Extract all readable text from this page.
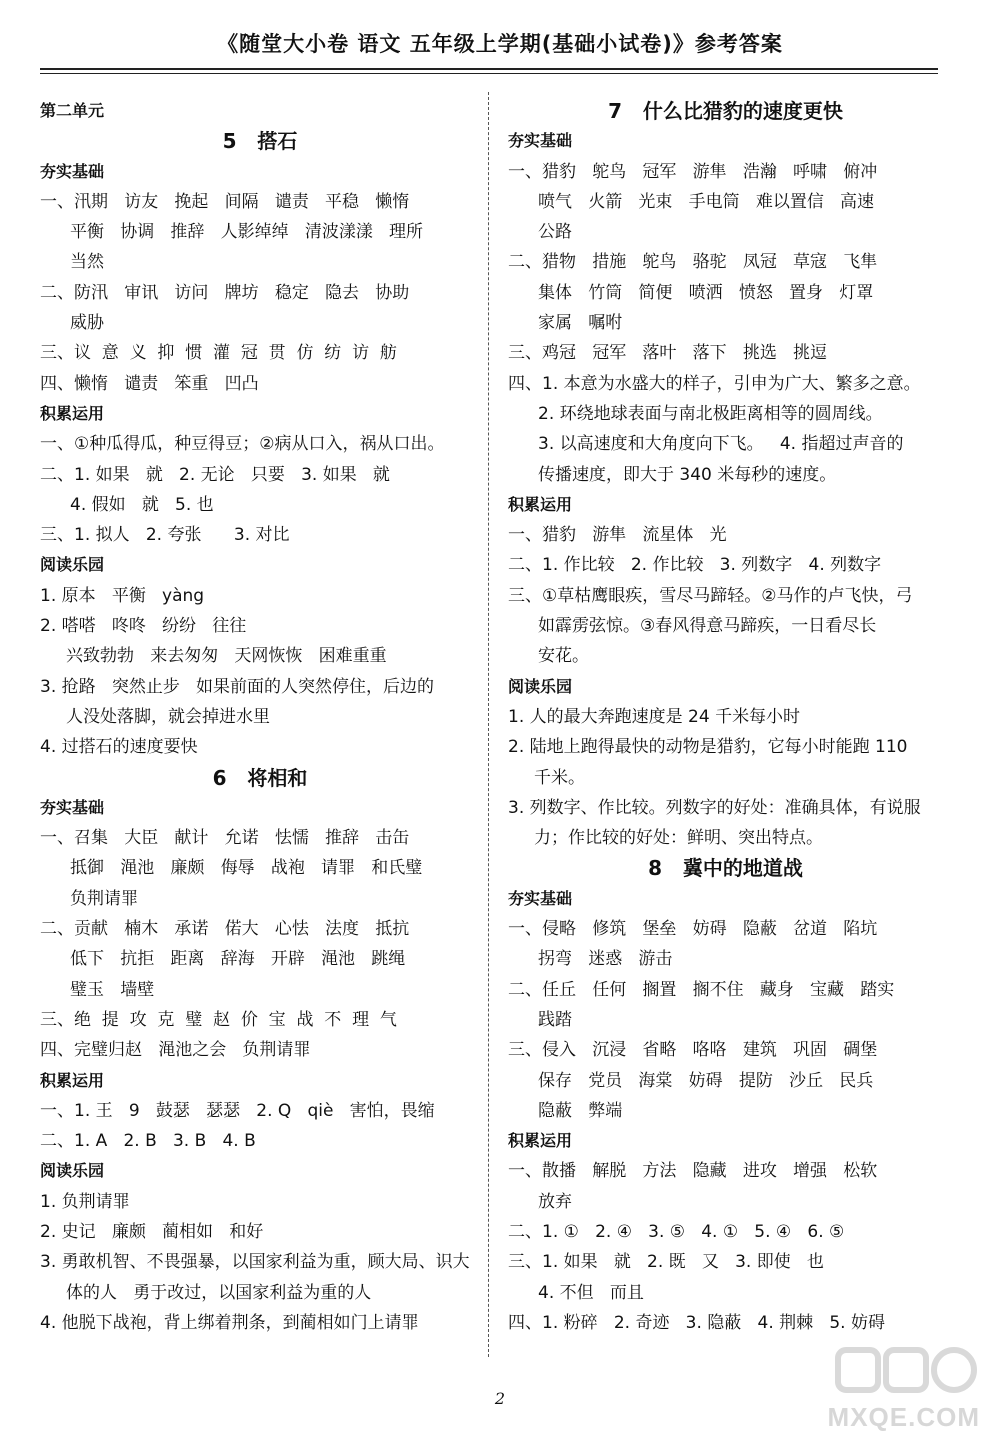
《随堂大小卷 语文 五年级上学期(基础小试卷)》参考答案
第二单元
5   搭石
夯实基础
一、汛期   访友   挽起   间隔   谴责   平稳   懒惰
平衡   协调   推辞   人影绰绰   清波漾漾   理所
当然
二、防汛   审讯   访问   牌坊   稳定   隐去   协助
威胁
三、议  意  义  抑  惯  灌  冠  贯  仿  纺  访  舫
四、懒惰   谴责   笨重   凹凸
积累运用
一、①种瓜得瓜，种豆得豆；②病从口入，祸从口出。
二、1. 如果   就   2. 无论   只要   3. 如果   就
4. 假如   就   5. 也
三、1. 拟人   2. 夸张      3. 对比
阅读乐园
1. 原本   平衡   yàng
2. 嗒嗒   咚咚   纷纷   往往
兴致勃勃   来去匆匆   天网恢恢   困难重重
3. 抢路   突然止步   如果前面的人突然停住，后边的
人没处落脚，就会掉进水里
4. 过搭石的速度要快
6   将相和
夯实基础
一、召集   大臣   献计   允诺   怯懦   推辞   击缶
抵御   渑池   廉颇   侮辱   战袍   请罪   和氏璧
负荆请罪
二、贡献   楠木   承诺   偌大   心怯   法度   抵抗
低下   抗拒   距离   辞海   开辟   渑池   跳绳
璧玉   墙壁
三、绝  提  攻  克  璧  赵  价  宝  战  不  理  气
四、完璧归赵   渑池之会   负荆请罪
积累运用
一、1. 王   9   鼓瑟   瑟瑟   2. Q   qiè   害怕，畏缩
二、1. A   2. B   3. B   4. B
阅读乐园
1. 负荆请罪
2. 史记   廉颇   蔺相如   和好
3. 勇敢机智、不畏强暴，以国家利益为重，顾大局、识大
体的人   勇于改过，以国家利益为重的人
4. 他脱下战袍，背上绑着荆条，到蔺相如门上请罪
7   什么比猎豹的速度更快
夯实基础
一、猎豹   鸵鸟   冠军   游隼   浩瀚   呼啸   俯冲
喷气   火箭   光束   手电筒   难以置信   高速
公路
二、猎物   措施   鸵鸟   骆驼   凤冠   草寇   飞隼
集体   竹筒   简便   喷洒   愤怒   置身   灯罩
家属   嘱咐
三、鸡冠   冠军   落叶   落下   挑选   挑逗
四、1. 本意为水盛大的样子，引申为广大、繁多之意。
2. 环绕地球表面与南北极距离相等的圆周线。
3. 以高速度和大角度向下飞。   4. 指超过声音的
传播速度，即大于 340 米每秒的速度。
积累运用
一、猎豹   游隼   流星体   光
二、1. 作比较   2. 作比较   3. 列数字   4. 列数字
三、①草枯鹰眼疾，雪尽马蹄轻。②马作的卢飞快，弓
如霹雳弦惊。③春风得意马蹄疾，一日看尽长
安花。
阅读乐园
1. 人的最大奔跑速度是 24 千米每小时
2. 陆地上跑得最快的动物是猎豹，它每小时能跑 110
千米。
3. 列数字、作比较。列数字的好处：准确具体，有说服
力；作比较的好处：鲜明、突出特点。
8   冀中的地道战
夯实基础
一、侵略   修筑   堡垒   妨碍   隐蔽   岔道   陷坑
拐弯   迷惑   游击
二、任丘   任何   搁置   搁不住   藏身   宝藏   踏实
践踏
三、侵入   沉浸   省略   咯咯   建筑   巩固   碉堡
保存   党员   海棠   妨碍   提防   沙丘   民兵
隐蔽   弊端
积累运用
一、散播   解脱   方法   隐藏   进攻   增强   松软
放弃
二、1. ①   2. ④   3. ⑤   4. ①   5. ④   6. ⑤
三、1. 如果   就   2. 既   又   3. 即使   也
4. 不但   而且
四、1. 粉碎   2. 奇迹   3. 隐蔽   4. 荆棘   5. 妨碍
2
MXQE.COM
